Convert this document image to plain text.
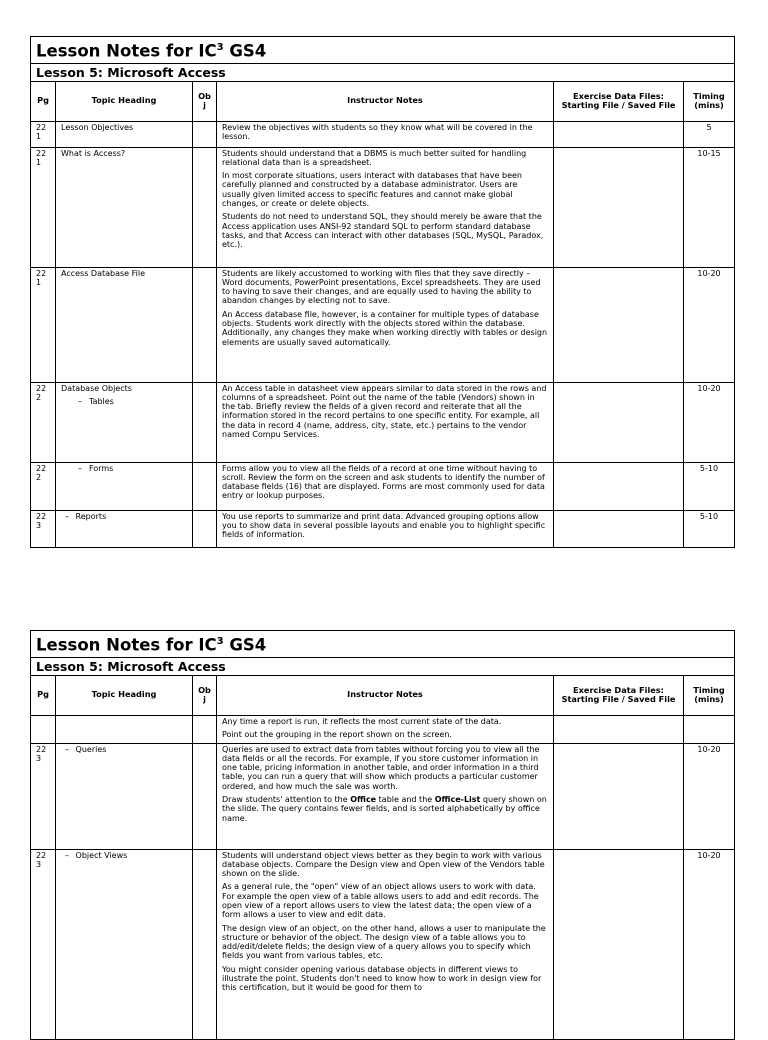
Lesson Notes for $IC^3$ GS4					
Lesson 5: Microsoft Access					
Pg	Topic Heading	Ob j	Instructor Notes	Exercise Data Files: Starting File / Saved File	Timing (mins)
22 1	Lesson Objectives		Review the objectives with students so they know what will be covered in the lesson.		5
22 1	What is Access?		Students should understand that a DBMS is much better suited for handling relational data than is a spreadsheet.

In most corporate situations, users interact with databases that have been carefully planned and constructed by a database administrator. Users are usually given limited access to specific features and cannot make global changes, or create or delete objects.

Students do not need to understand SQL, they should merely be aware that the Access application uses ANSI-92 standard SQL to perform standard database tasks, and that Access can interact with other databases (SQL, MySQL, Paradox, etc.).		10-15
22 1	Access Database File		Students are likely accustomed to working with files that they save directly – Word documents, PowerPoint presentations, Excel spreadsheets. They are used to having to save their changes, and are equally used to having the ability to abandon changes by electing not to save.

An Access database file, however, is a container for multiple types of database objects. Students work directly with the objects stored within the database. Additionally, any changes they make when working directly with tables or design elements are usually saved automatically.		10-20
22 2	Database Objects
– Tables		An Access table in datasheet view appears similar to data stored in the rows and columns of a spreadsheet. Point out the name of the table (Vendors) shown in the tab. Briefly review the fields of a given record and reiterate that all the information stored in the record pertains to one specific entity. For example, all the data in record 4 (name, address, city, state, etc.) pertains to the vendor named Compu Services.		10-20
22 2	– Forms		Forms allow you to view all the fields of a record at one time without having to scroll. Review the form on the screen and ask students to identify the number of database fields (16) that are displayed. Forms are most commonly used for data entry or lookup purposes.		5-10
22 3	– Reports		You use reports to summarize and print data. Advanced grouping options allow you to show data in several possible layouts and enable you to highlight specific fields of information.		5-10
Lesson Notes for $IC^3$ GS4					
Lesson 5: Microsoft Access					
Pg	Topic Heading	Ob j	Instructor Notes	Exercise Data Files: Starting File / Saved File	Timing (mins)

			Any time a report is run, it reflects the most current state of the data.

Point out the grouping in the report shown on the screen.		

22 3	– Queries		Queries are used to extract data from tables without forcing you to view all the data fields or all the records. For example, if you store customer information in one table, pricing information in another table, and order information in a third table, you can run a query that will show which products a particular customer ordered, and how much the sale was worth.

Draw students' attention to the Office table and the Office-List query shown on the slide. The query contains fewer fields, and is sorted alphabetically by office name.		10-20
22 3	– Object Views		Students will understand object views better as they begin to work with various database objects. Compare the Design view and Open view of the Vendors table shown on the slide.

As a general rule, the "open" view of an object allows users to work with data. For example the open view of a table allows users to add and edit records. The open view of a report allows users to view the latest data; the open view of a form allows a user to view and edit data.

The design view of an object, on the other hand, allows a user to manipulate the structure or behavior of the object. The design view of a table allows you to add/edit/delete fields; the design view of a query allows you to specify which fields you want from various tables, etc.

You might consider opening various database objects in different views to illustrate the point. Students don't need to know how to work in design view for this certification, but it would be good for them to		10-20
